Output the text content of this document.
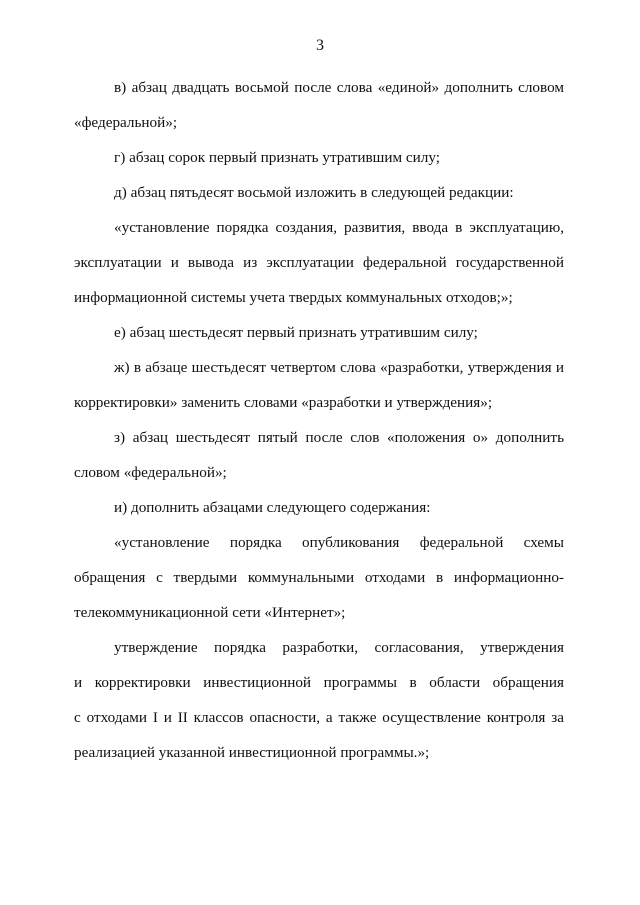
3
в) абзац двадцать восьмой после слова «единой» дополнить словом
«федеральной»;
г) абзац сорок первый признать утратившим силу;
д) абзац пятьдесят восьмой изложить в следующей редакции:
«установление порядка создания, развития, ввода в эксплуатацию,
эксплуатации и вывода из эксплуатации федеральной государственной
информационной системы учета твердых коммунальных отходов;»;
е) абзац шестьдесят первый признать утратившим силу;
ж) в абзаце шестьдесят четвертом слова «разработки, утверждения и
корректировки» заменить словами «разработки и утверждения»;
з) абзац шестьдесят пятый после слов «положения о» дополнить
словом «федеральной»;
и) дополнить абзацами следующего содержания:
«установление порядка опубликования федеральной схемы
обращения с твердыми коммунальными отходами в информационно-
телекоммуникационной сети «Интернет»;
утверждение порядка разработки, согласования, утверждения
и корректировки инвестиционной программы в области обращения
с отходами I и II классов опасности, а также осуществление контроля за
реализацией указанной инвестиционной программы.»;
